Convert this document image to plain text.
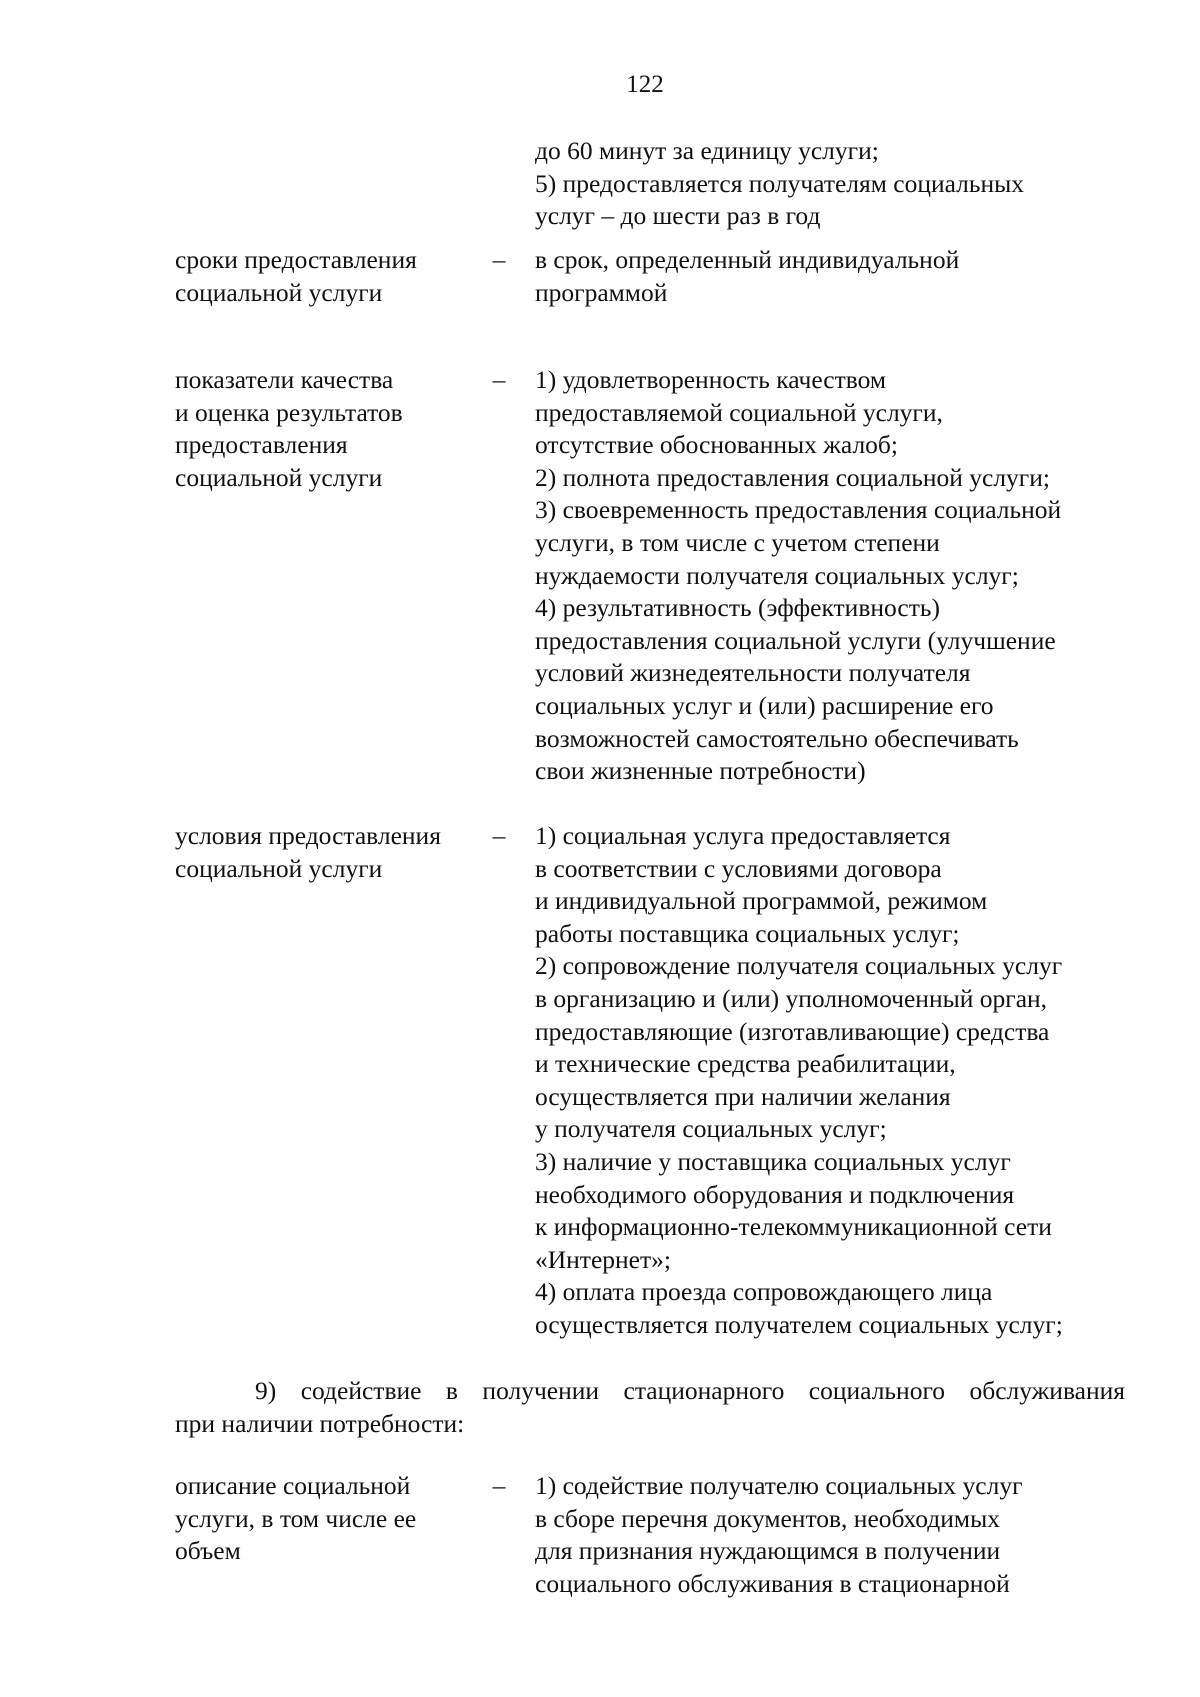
122
до 60 минут за единицу услуги;
5) предоставляется получателям социальных
услуг – до шести раз в год
сроки предоставления
социальной услуги
– в срок, определенный индивидуальной
программой
показатели качества
и оценка результатов
предоставления
социальной услуги
– 1) удовлетворенность качеством
предоставляемой социальной услуги,
отсутствие обоснованных жалоб;
2) полнота предоставления социальной услуги;
3) своевременность предоставления социальной
услуги, в том числе с учетом степени
нуждаемости получателя социальных услуг;
4) результативность (эффективность)
предоставления социальной услуги (улучшение
условий жизнедеятельности получателя
социальных услуг и (или) расширение его
возможностей самостоятельно обеспечивать
свои жизненные потребности)
условия предоставления
социальной услуги
– 1) социальная услуга предоставляется
в соответствии с условиями договора
и индивидуальной программой, режимом
работы поставщика социальных услуг;
2) сопровождение получателя социальных услуг
в организацию и (или) уполномоченный орган,
предоставляющие (изготавливающие) средства
и технические средства реабилитации,
осуществляется при наличии желания
у получателя социальных услуг;
3) наличие у поставщика социальных услуг
необходимого оборудования и подключения
к информационно-телекоммуникационной сети
«Интернет»;
4) оплата проезда сопровождающего лица
осуществляется получателем социальных услуг;
9) содействие в получении стационарного социального обслуживания
при наличии потребности:
описание социальной
услуги, в том числе ее
объем
– 1) содействие получателю социальных услуг
в сборе перечня документов, необходимых
для признания нуждающимся в получении
социального обслуживания в стационарной
